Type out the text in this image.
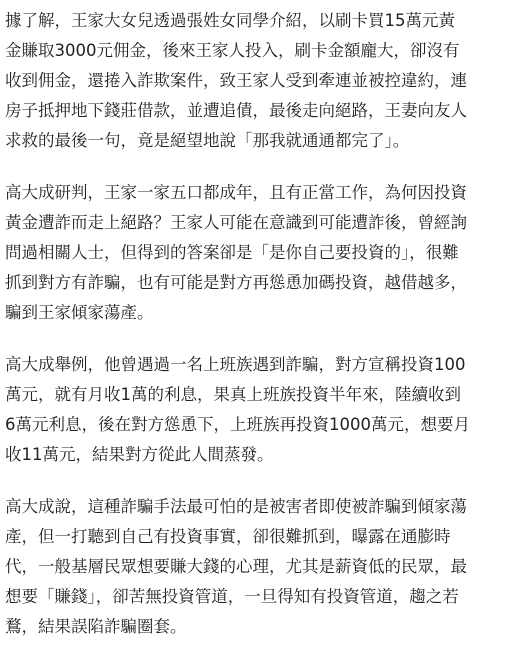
據了解，王家大女兒透過張姓女同學介紹，以刷卡買15萬元黃
金賺取3000元佣金，後來王家人投入，刷卡金額龐大，卻沒有
收到佣金，還捲入詐欺案件，致王家人受到牽連並被控違約，連
房子抵押地下錢莊借款，並遭追債，最後走向絕路，王妻向友人
求救的最後一句，竟是絕望地說「那我就通通都完了」。
高大成研判，王家一家五口都成年，且有正當工作，為何因投資
黃金遭詐而走上絕路？王家人可能在意識到可能遭詐後，曾經詢
問過相關人士，但得到的答案卻是「是你自己要投資的」，很難
抓到對方有詐騙，也有可能是對方再慫恿加碼投資，越借越多，
騙到王家傾家蕩產。
高大成舉例，他曾遇過一名上班族遇到詐騙，對方宣稱投資100
萬元，就有月收1萬的利息，果真上班族投資半年來，陸續收到
6萬元利息，後在對方慫恿下，上班族再投資1000萬元，想要月
收11萬元，結果對方從此人間蒸發。
高大成說，這種詐騙手法最可怕的是被害者即使被詐騙到傾家蕩
產，但一打聽到自己有投資事實，卻很難抓到，曝露在通膨時
代，一般基層民眾想要賺大錢的心理，尤其是薪資低的民眾，最
想要「賺錢」，卻苦無投資管道，一旦得知有投資管道，趨之若
鶩，結果誤陷詐騙圈套。
